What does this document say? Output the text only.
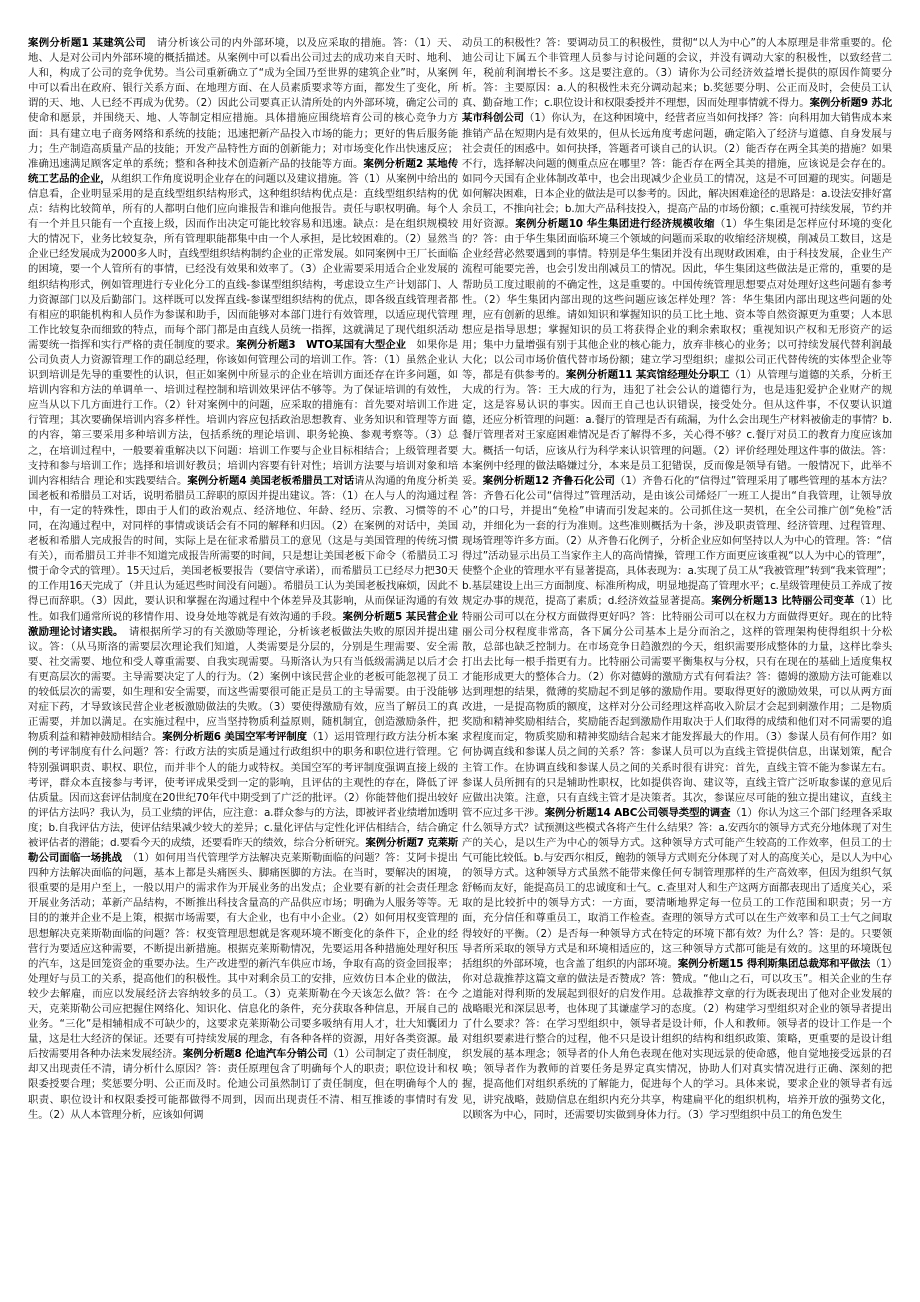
案例分析题1 某建筑公司　请分析该公司的内外部环境，以及应采取的措施。答：（1）天、地、人是对公司内外部环境的概括描述。从案例中可以看出公司过去的成功来自天时、地利、人和，构成了公司的竞争优势。当公司重新确立了“成为全国乃至世界的建筑企业”时，从案例中可以看出在政府、银行关系方面、在地理方面、在人员素质要求等方面，都发生了变化，所谓的天、地、人已经不再成为优势。（2）因此公司要真正认清所处的内外部环境，确定公司的使命和愿景，并围绕天、地、人等制定相应措施。具体措施应围绕培育公司的核心竞争力方面：具有建立电子商务网络和系统的技能；迅速把新产品投入市场的能力；更好的售后服务能力；生产制造高质量产品的技能；开发产品特性方面的创新能力；对市场变化作出快速反应；准确迅速满足顾客定单的系统；整和各种技术创造新产品的技能等方面。

案例分析题2 某地传统工艺品的企业，从组织工作角度说明企业存在的问题以及建议措施。答（1）从案例中给出的信息看，企业明显采用的是直线型组织结构形式，这种组织结构优点是：直线型组织结构的优点：结构比较简单，所有的人都明白他们应向谁报告和谁向他报告。责任与职权明确。每个人有一个并且只能有一个直接上级，因而作出决定可能比较容易和迅速。缺点：是在组织规模较大的情况下，业务比较复杂，所有管理职能都集中由一个人承担，是比较困难的。（2）显然当企业已经发展成为2000多人时，直线型组织结构制约企业的正常发展。如同案例中王厂长面临的困境，要一个人管所有的事情，已经没有效果和效率了。（3）企业需要采用适合企业发展的组织结构形式，例如管理进行专业化分工的直线-参谋型组织结构，考虑设立生产计划部门、人力资源部门以及后勤部门。这样既可以发挥直线-参谋型组织结构的优点，即各级直线管理者都有相应的职能机构和人员作为参谋和助手，因而能够对本部门进行有效管理，以适应现代管理工作比较复杂而细致的特点，而每个部门都是由直线人员统一指挥，这就满足了现代组织活动需要统一指挥和实行严格的责任制度的要求。

案例分析题3　WTO某国有大型企业　如果你是公司负责人力资源管理工作的副总经理，你该如何管理公司的培训工作。答：（1）虽然企业认识到培训是先导的重要性的认识，但正如案例中所显示的企业在培训方面还存在许多问题，如培训内容和方法的单调单一、培训过程控制和培训效果评估不够等。为了保证培训的有效性，应当从以下几方面进行工作。（2）针对案例中的问题，应采取的措施有：首先要对培训工作进行管理；其次要确保培训内容多样性。培训内容应包括政治思想教育、业务知识和管理等方面的内容，第三要采用多种培训方法，包括系统的理论培训、职务轮换、参观考察等。（3）总之，在培训过程中，一般要着重解决以下问题：培训工作要与企业目标相结合；上级管理者要支持和参与培训工作；选择和培训好教员；培训内容要有针对性；培训方法要与培训对象和培训内容相结合 理论和实践要结合。

案例分析题4 美国老板希腊员工对话请从沟通的角度分析美国老板和希腊员工对话，说明希腊员工辞职的原因并提出建议。答：（1）在人与人的沟通过程中，有一定的特殊性，即由于人们的政治观点、经济地位、年龄、经历、宗教、习惯等的不同，在沟通过程中，对同样的事情或谈话会有不同的解释和归因。（2）在案例的对话中，美国老板和希腊人完成报告的时间，实际上是在征求希腊员工的意见（这是与美国管理的传统习惯有关），而希腊员工并非不知道完成报告所需要的时间，只是想让美国老板下命令（希腊员工习惯于命令式的管理）。15天过后，美国老板要报告（要信守承诺），而希腊员工已经尽力把30天的工作用16天完成了（并且认为延迟些时间没有问题）。希腊员工认为美国老板找麻烦，因此不得已而辞职。（3）因此，要认识和掌握在沟通过程中个体差异及其影响，从而保证沟通的有效性。如我们通常所说的移情作用、设身处地等就是有效沟通的手段。

案例分析题5 某民营企业激励理论讨诸实践。　请根据所学习的有关激励等理论，分析该老板做法失败的原因并提出建议。答：（从马斯洛的需要层次理论我们知道，人类需要是分层的，分别是生理需要、安全需要、社交需要、地位和受人尊重需要、自我实现需要。马斯洛认为只有当低级需满足以后才会有更高层次的需要。主导需要决定了人的行为。（2）案例中该民营企业的老板可能忽视了员工的较低层次的需要，如生理和安全需要，而这些需要很可能正是员工的主导需要。由于没能够对症下药，才导致该民营企业老板激励做法的失败。（3）要使得激励有效，应当了解员工的真正需要，并加以满足。在实施过程中，应当坚持物质利益原则，随机制宜，创造激励条件，把物质利益和精神鼓励相结合。

案例分析题6 美国空军考评制度（1）运用管理行政方法分析本案例的考评制度有什么问题？答：行政方法的实质是通过行政组织中的职务和职位进行管理。它特别强调职责、职权、职位，而并非个人的能力或特权。美国空军的考评制度强调直接上级的考评，群众本直接参与考评，使考评成果受到一定的影响，且评估的主观性的存在，降低了评估质量。因而这套评估制度在20世纪70年代中期受到了广泛的批评。（2）你能替他们提出较好的评估方法吗？我认为，员工业绩的评估，应注意：a.群众参与的方法，即被评者业绩增加透明度；b.自我评估方法，使评估结果减少较大的差异；c.量化评估与定性化评估相结合，结合确定被评估者的潜能；d.要看今天的成绩，还要看昨天的绩效，综合分析研究。

案例分析题7 克莱斯勒公司面临一场挑战　（1）如何用当代管理学方法解决克莱斯勒面临的问题？答：艾阿卡提出四种方法解决面临的问题，基本上都是头痛医头、脚痛医脚的方法。在当时，要解决的困境，很重要的是用户至上，一般以用户的需求作为开展业务的出发点；企业要有新的社会责任理念开展业务活动；革新产品结构，不断推出科技含量高的产品供应市场；明确为人服务等等。无目的的兼并企业不是上策，根据市场需要，有大企业，也有中小企业。（2）如何用权变管理的思想解决克莱斯勒面临的问题？答：权变管理思想就是客观环境不断变化的条件下，企业的经营行为要适应这种需要，不断提出新措施。根据克莱斯勒情况，先要运用各种措施处理好积压的汽车，这是回笼资金的重要办法。生产改进型的新汽车供应市场，争取有高的资金回报率；处理好与员工的关系，提高他们的积极性。其中对剩余员工的安排，应效仿日本企业的做法，较少去解雇，而应以发展经济去容纳较多的员工。（3）克莱斯勒在今天该怎么做？答：在今天，克莱斯勒公司应把握住网络化、知识化、信息化的条件，充分获取各种信息，开展自己的业务。“三化”是相辅相成不可缺少的，这要求克莱斯勒公司要多吸纳有用人才，壮大知囊团力量，这是壮大经济的保证。还要有可持续发展的理念，有各种各样的资源，用好各类资源。最后按需要用各种办法来发展经济。

案例分析题8 伦迪汽车分销公司（1）公司制定了责任制度，却又出现责任不清，请分析什么原因？答：责任原理包含了明确每个人的职责；职位设计和权限委授要合理；奖惩要分明、公正而及时。伦迪公司虽然制订了责任制度，但在明确每个人的职责、职位设计和权限委授可能都做得不周到，因而出现责任不清、相互推诿的事情时有发生。（2）从人本管理分析，应该如何调

动员工的积极性？答：要调动员工的积极性，贯彻“以人为中心”的人本原理是非常重要的。伦迪公司让下属五个非管理人员参与讨论问题的会议，并没有调动大家的积极性，以致经营二年，税前利润增长不多。这是要注意的。（3）请你为公司经济效益增长提供的原因作简要分析。答：主要原因：a.人的积极性未充分调动起来；b.奖惩要分明、公正而及时，会使员工认真、勤奋地工作；c.职位设计和权限委授并不理想，因而处理事情就不得力。

案例分析题9 苏北某市科创公司（1）你认为，在这种困境中，经营者应当如何找择？答：向科用加大销售成本来推销产品在短期内是有效果的，但从长远角度考虑问题，确定陷入了经济与道德、自身发展与社会责任的困惑中。如何抉择，答题者可谈自己的认识。（2）能否存在两全其美的措施？如果不行，选择解决问题的侧重点应在哪里？答：能否存在两全其美的措施，应该说是会存在的。如同今天国有企业体制改革中，也会出现减少企业员工的情况，这是不可回避的现实。问题是如何解决困难，日本企业的做法是可以参考的。因此，解决困难途径的思路是：a.设法安排好富余员工，不推向社会；b.加大产品科技投入，提高产品的市场份额；c.重视可持续发展，节约并用好资源。

案例分析题10 华生集团进行经济规模收缩（1）华生集团是怎样应付环境的变化的？答：由于华生集团面临环境三个领域的问题而采取的收缩经济规模，削减员工数目，这是企业经营必然要遇到的事情。特别是华生集团并没有出现财政困难，由于科技发展，企业生产流程可能要完善，也会引发出削减员工的情况。因此，华生集团这些做法是正常的，重要的是帮助员工度过眼前的不确定性，这是重要的。中国传统管理思想要点对处理好这些问题有参考性。（2）华生集团内部出现的这些问题应该怎样处理？答：华生集团内部出现这些问题的处理，应有创新的思维。请如知识和掌握知识的员工比土地、资本等自然资源更为重要；人本思想应是指导思想；掌握知识的员工将获得企业的剩余索取权；重视知识产权和无形资产的运用；集中力量增强有别于其他企业的核心能力，放弃非核心的业务；以可持续发展代替利润最大化；以公司市场价值代替市场份额；建立学习型组织；虚拟公司正代替传统的实体型企业等等，都是有供参考的。

案例分析题11 某宾馆经理处分职工（1）从管理与道德的关系，分析王大成的行为。答：王大成的行为，违犯了社会公认的道德行为，也是违犯爱护企业财产的规定，这是容易认识的事实。因而王自己也认识错误，接受处分。但从这件事，不仅要认识道德，还应分析管理的问题：a.餐厅的管理是否有疏漏，为什么会出现生产材料被偷走的事情？b.餐厅管理者对王家庭困难情况是否了解得不多，关心得不够？c.餐厅对员工的教育力度应该加大。概括一句话，应该从行为科学来认识管理的问题。（2）评价经理处理这件事的做法。答：本案例中经理的做法略嫌过分，本来是员工犯错误，反而像是领导有错。一般情况下，此举不妥。

案例分析题12 齐鲁石化公司（1）齐鲁石化的“信得过”管理采用了哪些管理的基本方法？答：齐鲁石化公司“信得过”管理活动，是由该公司烯烃厂一班工人提出“自我管理，让领导放心”的口号，并提出“免检”申请而引发起来的。公司抓住这一契机，在全公司推广创“免检”活动，并细化为一套的行为准则。这些准则概括为十条，涉及职责管理、经济管理、过程管理、现场管理等许多方面。（2）从齐鲁石化例子，分析企业应如何坚持以人为中心的管理。答：“信得过”活动显示出员工当家作主人的高尚情操，管理工作方面更应该重视“以人为中心的管理”，使整个企业的管理水平有显著提高，具体表现为：a.实现了员工从“我被管理”转到“我来管理”；b.基层建设上出三方面制度、标准所构成，明显地提高了管理水平；c.星级管理使员工养成了按规定办事的规范，提高了素质；d.经济效益显著提高。

案例分析题13 比特丽公司变革（1）比特丽公司可以在分权方面做得更好吗？答：比特丽公司可以在权力方面做得更好。现在的比特丽公司分权程度非常高，各下属分公司基本上是分而治之，这样的管理架构使得组织十分松散，总部也缺乏控制力。在市场竞争日趋激烈的今天，组织需要形成整体的力量，这样比拳头打出去比每一根手指更有力。比特丽公司需要平衡集权与分权，只有在现在的基础上适度集权才能形成更大的整体合力。（2）你对德姆的激励方式有何看法？答：德姆的激励方法可能难以达到理想的结果，微薄的奖励起不到足够的激励作用。要取得更好的激励效果，可以从两方面改进，一是提高物质的额度，这样对分公司经理这样高收入阶层才会起到刺激作用；二是物质奖励和精神奖励相结合，奖励能否起到激励作用取决于人们取得的成绩和他们对不同需要的追求程度而定，物质奖励和精神奖励结合起来才能发挥最大的作用。（3）参谋人员有何作用？如何协调直线和参谋人员之间的关系？答：参谋人员可以为直线主管提供信息，出谋划策，配合主管工作。在协调直线和参谋人员之间的关系时很有讲究：首先，直线主管不能为参谋左右。参谋人员所拥有的只是辅助性职权，比如提供咨询、建议等，直线主管广泛听取参谋的意见后应做出决策。注意，只有直线主管才是决策者。其次，参谋应尽可能的独立提出建议，直线主管不应过多干涉。

案例分析题14 ABC公司领导类型的调查（1）你认为这三个部门经理各采取什么领导方式？试预测这些模式各将产生什么结果？答：a.安西尔的领导方式充分地体现了对生产的关心，是以生产为中心的领导方式。这种领导方式可能产生较高的工作效率，但员工的士气可能比较低。b.与安西尔相反，鲍勃的领导方式则充分体现了对人的高度关心，是以人为中心的领导方式。这种领导方式虽然不能带来像任何专制管理那样的生产高效率，但因为组织气氛舒畅而友好，能提高员工的忠诚度和士气。c.查里对人和生产这两方面都表现出了适度关心，采取的是比较折中的领导方式：一方面，要清晰地界定每一位员工的工作范围和职责；另一方面，充分信任和尊重员工，取消工作检查。查理的领导方式可以在生产效率和员工士气之间取得较好的平衡。（2）是否每一种领导方式在特定的环境下都有效？为什么？答：是的。只要领导者所采取的领导方式是和环境相适应的，这三种领导方式都可能是有效的。这里的环境既包括组织的外部环境，也含盖了组织的内部环境。

案例分析题15 得利斯集团总裁郑和平做法（1）你对总裁推荐这篇文章的做法是否赞成？答：赞成。“他山之石，可以攻玉”。相关企业的生存之道能对得利斯的发展起到很好的启发作用。总裁推荐文章的行为既表现出了他对企业发展的战略眼光和深层思考，也体现了其谦虚学习的态度。（2）构建学习型组织对企业的领导者提出了什么要求？答：在学习型组织中，领导者是设计师，仆人和教师。领导者的设计工作是一个对组织要素进行整合的过程，他不只是设计组织的结构和组织政策、策略，更重要的是设计组织发展的基本理念；领导者的仆人角色表现在他对实现远景的使命感，他自觉地接受远景的召唤；领导者作为教师的首要任务是界定真实情况，协助人们对真实情况进行正确、深刻的把握，提高他们对组织系统的了解能力，促进每个人的学习。具体来说，要求企业的领导者有远见，讲究战略，鼓励信息在组织内充分共享，构建扁平化的组织机构，培养开放的强势文化，以顾客为中心，同时，还需要切实做到身体力行。（3）学习型组织中员工的角色发生
